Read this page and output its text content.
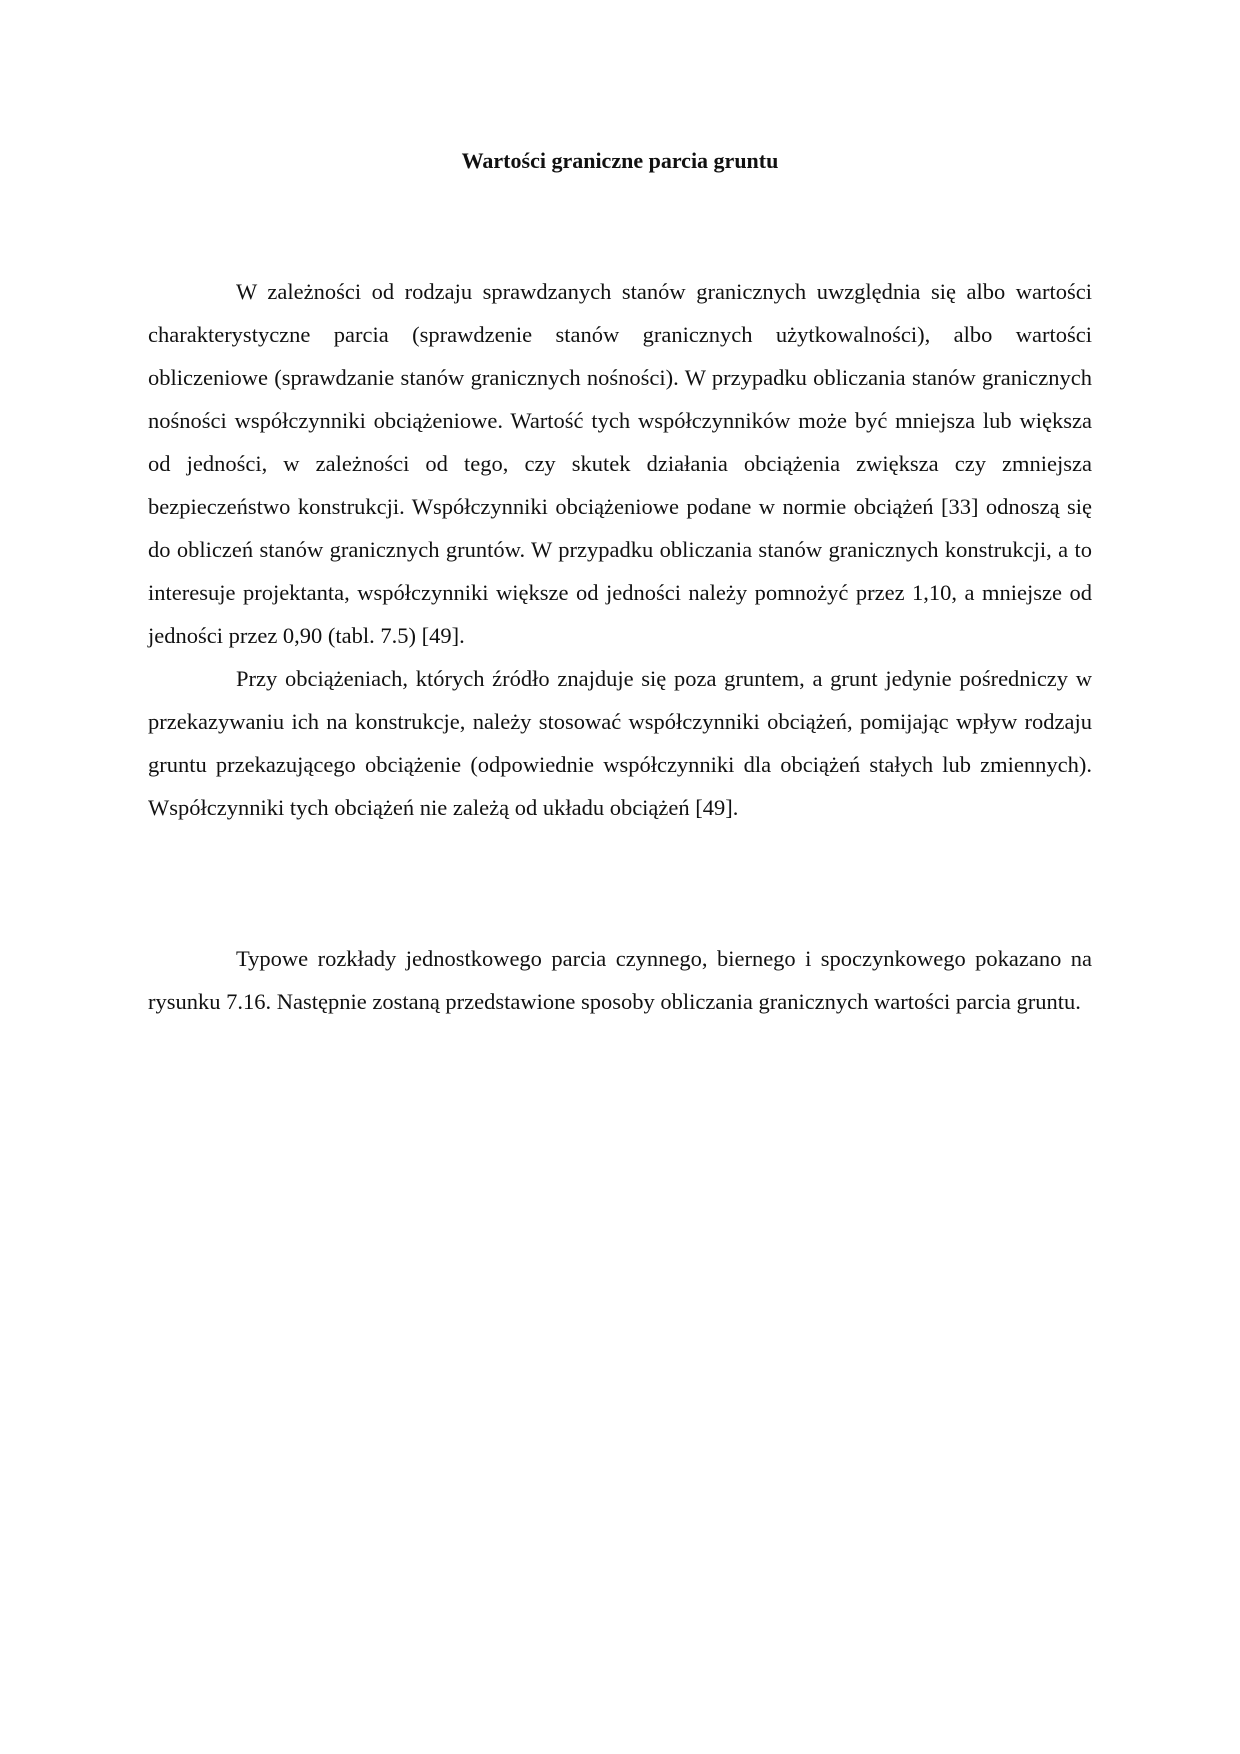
Wartości graniczne parcia gruntu

W zależności od rodzaju sprawdzanych stanów granicznych uwzględnia się albo wartości charakterystyczne parcia (sprawdzenie stanów granicznych użytkowalności), albo wartości obliczeniowe (sprawdzanie stanów granicznych nośności). W przypadku obliczania stanów granicznych nośności współczynniki obciążeniowe. Wartość tych współczynników może być mniejsza lub większa od jedności, w zależności od tego, czy skutek działania obciążenia zwiększa czy zmniejsza bezpieczeństwo konstrukcji. Współczynniki obciążeniowe podane w normie obciążeń [33] odnoszą się do obliczeń stanów granicznych gruntów. W przypadku obliczania stanów granicznych konstrukcji, a to interesuje projektanta, współczynniki większe od jedności należy pomnożyć przez 1,10, a mniejsze od jedności przez 0,90 (tabl. 7.5) [49].

Przy obciążeniach, których źródło znajduje się poza gruntem, a grunt jedynie pośredniczy w przekazywaniu ich na konstrukcje, należy stosować współczynniki obciążeń, pomijając wpływ rodzaju gruntu przekazującego obciążenie (odpowiednie współczynniki dla obciążeń stałych lub zmiennych). Współczynniki tych obciążeń nie zależą od układu obciążeń [49].

Typowe rozkłady jednostkowego parcia czynnego, biernego i spoczynkowego pokazano na rysunku 7.16. Następnie zostaną przedstawione sposoby obliczania granicznych wartości parcia gruntu.
